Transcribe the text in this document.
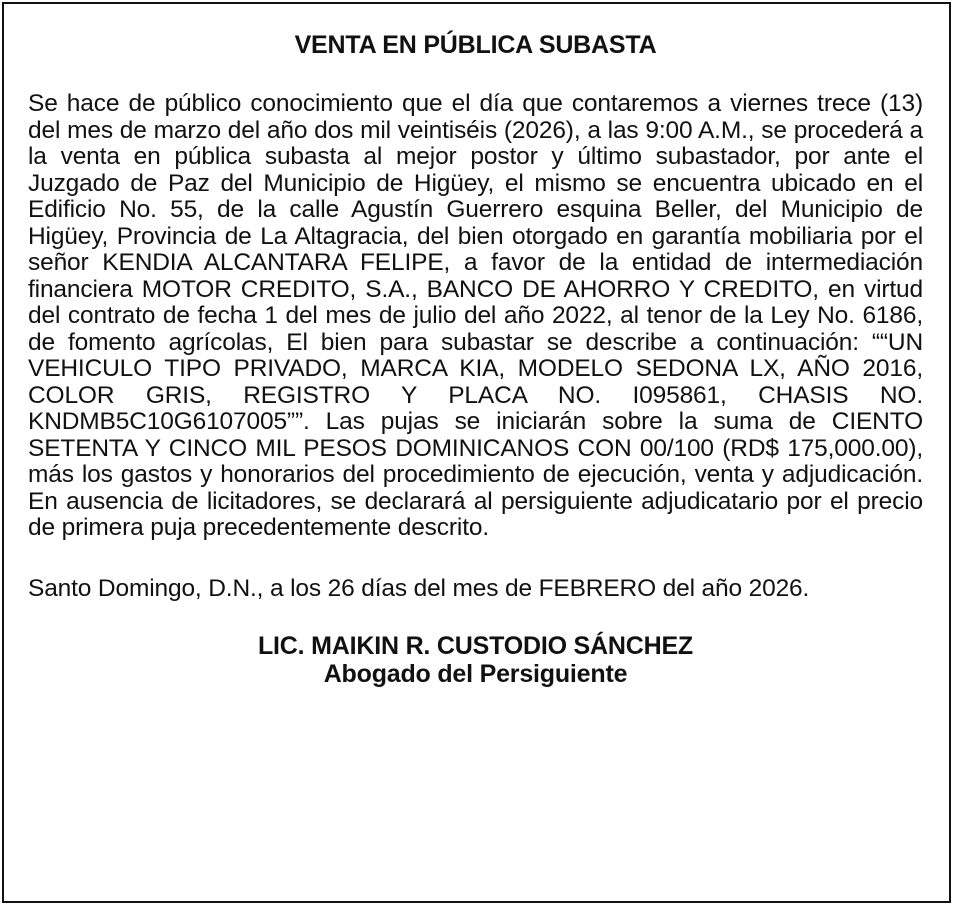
VENTA EN PÚBLICA SUBASTA

Se hace de público conocimiento que el día que contaremos a viernes trece (13) del mes de marzo del año dos mil veintiséis (2026), a las 9:00 A.M., se procederá a la venta en pública subasta al mejor postor y último subastador, por ante el Juzgado de Paz del Municipio de Higüey, el mismo se encuentra ubicado en el Edificio No. 55, de la calle Agustín Guerrero esquina Beller, del Municipio de Higüey, Provincia de La Altagracia, del bien otorgado en garantía mobiliaria por el señor KENDIA ALCANTARA FELIPE, a favor de la entidad de intermediación financiera MOTOR CREDITO, S.A., BANCO DE AHORRO Y CREDITO, en virtud del contrato de fecha 1 del mes de julio del año 2022, al tenor de la Ley No. 6186, de fomento agrícolas, El bien para subastar se describe a continuación: ““UN VEHICULO TIPO PRIVADO, MARCA KIA, MODELO SEDONA LX, AÑO 2016, COLOR GRIS, REGISTRO Y PLACA NO. I095861, CHASIS NO. KNDMB5C10G6107005””. Las pujas se iniciarán sobre la suma de CIENTO SETENTA Y CINCO MIL PESOS DOMINICANOS CON 00/100 (RD$ 175,000.00), más los gastos y honorarios del procedimiento de ejecución, venta y adjudicación. En ausencia de licitadores, se declarará al persiguiente adjudicatario por el precio de primera puja precedentemente descrito.

Santo Domingo, D.N., a los 26 días del mes de FEBRERO del año 2026.

LIC. MAIKIN R. CUSTODIO SÁNCHEZ
Abogado del Persiguiente
